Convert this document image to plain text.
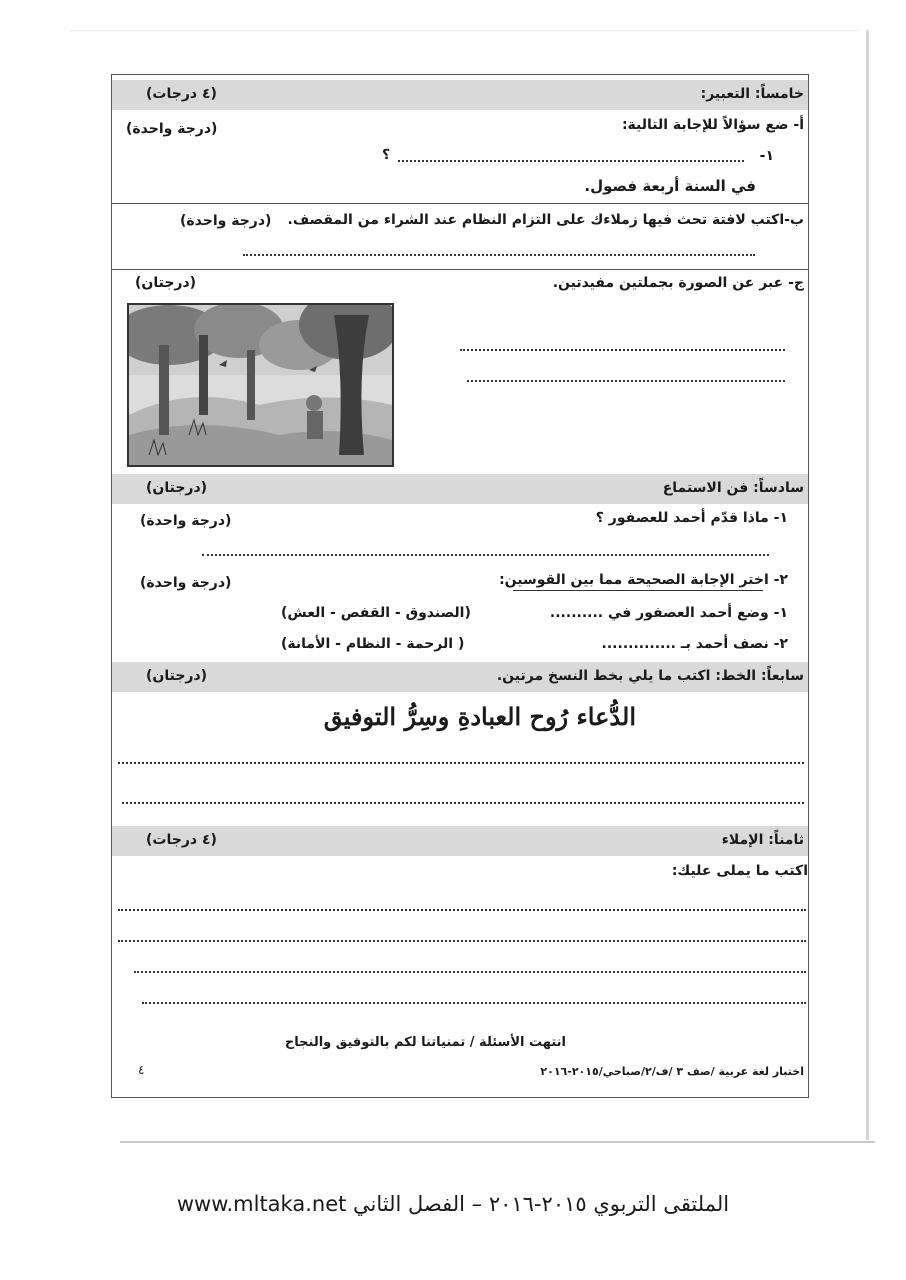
خامساً: التعبير:
(٤ درجات)
أ- ضع سؤالاً للإجابة التالية:
(درجة واحدة)
١-
؟
في السنة أربعة فصول.
ب-اكتب لافتة تحث فيها زملاءك على التزام النظام عند الشراء من المقصف.
(درجة واحدة)
ج- عبر عن الصورة بجملتين مفيدتين.
(درجتان)
سادساً: فن الاستماع
(درجتان)
١- ماذا قدّم أحمد للعصفور ؟
(درجة واحدة)
٢- اختر الإجابة الصحيحة مما بين القوسين:
(درجة واحدة)
١- وضع أحمد العصفور في ..........
(الصندوق - القفص - العش)
٢- نصف أحمد بـ ..............
( الرحمة - النظام - الأمانة)
سابعاً: الخط: اكتب ما يلي بخط النسخ مرتين.
(درجتان)
الدُّعاء رُوح العبادةِ وسِرُّ التوفيق
ثامناً: الإملاء
(٤ درجات)
اكتب ما يملى عليك:
انتهت الأسئلة / تمنياتنا لكم بالتوفيق والنجاح
اختبار لغة عربية /صف ٣ /ف/٢/صباحي/٢٠١٥-٢٠١٦
٤
الملتقى التربوي ٢٠١٥-٢٠١٦ – الفصل الثاني www.mltaka.net
